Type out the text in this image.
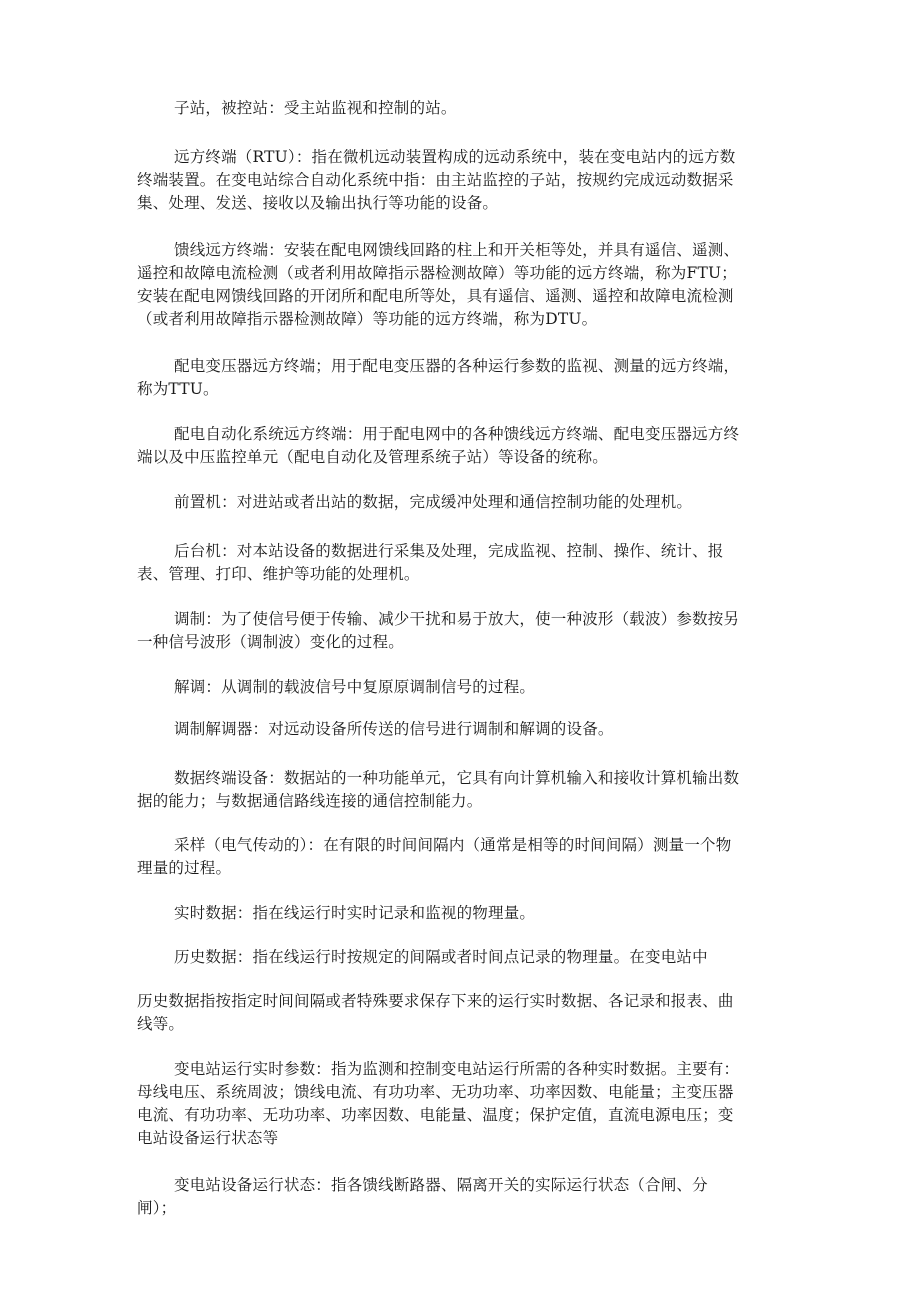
子站，被控站：受主站监视和控制的站。

远方终端（RTU）：指在微机远动装置构成的远动系统中，装在变电站内的远方数
终端装置。在变电站综合自动化系统中指：由主站监控的子站，按规约完成远动数据采
集、处理、发送、接收以及输出执行等功能的设备。

馈线远方终端：安装在配电网馈线回路的柱上和开关柜等处，并具有遥信、遥测、
遥控和故障电流检测（或者利用故障指示器检测故障）等功能的远方终端，称为FTU；
安装在配电网馈线回路的开闭所和配电所等处，具有遥信、遥测、遥控和故障电流检测
（或者利用故障指示器检测故障）等功能的远方终端，称为DTU。

配电变压器远方终端；用于配电变压器的各种运行参数的监视、测量的远方终端，
称为TTU。

配电自动化系统远方终端：用于配电网中的各种馈线远方终端、配电变压器远方终
端以及中压监控单元（配电自动化及管理系统子站）等设备的统称。

前置机：对进站或者出站的数据，完成缓冲处理和通信控制功能的处理机。

后台机：对本站设备的数据进行采集及处理，完成监视、控制、操作、统计、报
表、管理、打印、维护等功能的处理机。

调制：为了使信号便于传输、减少干扰和易于放大，使一种波形（载波）参数按另
一种信号波形（调制波）变化的过程。

解调：从调制的载波信号中复原原调制信号的过程。

调制解调器：对远动设备所传送的信号进行调制和解调的设备。

数据终端设备：数据站的一种功能单元，它具有向计算机输入和接收计算机输出数
据的能力；与数据通信路线连接的通信控制能力。

采样（电气传动的）：在有限的时间间隔内（通常是相等的时间间隔）测量一个物
理量的过程。

实时数据：指在线运行时实时记录和监视的物理量。

历史数据：指在线运行时按规定的间隔或者时间点记录的物理量。在变电站中

历史数据指按指定时间间隔或者特殊要求保存下来的运行实时数据、各记录和报表、曲
线等。

变电站运行实时参数：指为监测和控制变电站运行所需的各种实时数据。主要有：
母线电压、系统周波；馈线电流、有功功率、无功功率、功率因数、电能量；主变压器
电流、有功功率、无功功率、功率因数、电能量、温度；保护定值，直流电源电压；变
电站设备运行状态等

变电站设备运行状态：指各馈线断路器、隔离开关的实际运行状态（合闸、分
闸）；
